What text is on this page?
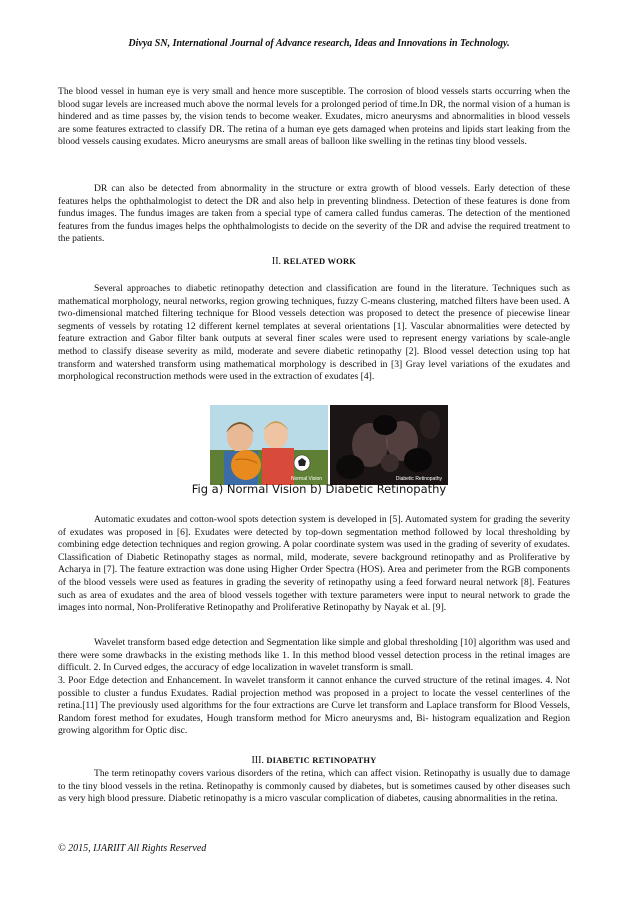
Divya SN, International Journal of Advance research, Ideas and Innovations in Technology.

The blood vessel in human eye is very small and hence more susceptible. The corrosion of blood vessels starts occurring when the blood sugar levels are increased much above the normal levels for a prolonged period of time.In DR, the normal vision of a human is hindered and as time passes by, the vision tends to become weaker. Exudates, micro aneurysms and abnormalities in blood vessels are some features extracted to classify DR. The retina of a human eye gets damaged when proteins and lipids start leaking from the blood vessels causing exudates. Micro aneurysms are small areas of balloon like swelling in the retinas tiny blood vessels.

DR can also be detected from abnormality in the structure or extra growth of blood vessels. Early detection of these features helps the ophthalmologist to detect the DR and also help in preventing blindness. Detection of these features is done from fundus images. The fundus images are taken from a special type of camera called fundus cameras. The detection of the mentioned features from the fundus images helps the ophthalmologists to decide on the severity of the DR and advise the required treatment to the patients.

II. RELATED WORK

Several approaches to diabetic retinopathy detection and classification are found in the literature. Techniques such as mathematical morphology, neural networks, region growing techniques, fuzzy C-means clustering, matched filters have been used. A two-dimensional matched filtering technique for Blood vessels detection was proposed to detect the presence of piecewise linear segments of vessels by rotating 12 different kernel templates at several orientations [1]. Vascular abnormalities were detected by feature extraction and Gabor filter bank outputs at several finer scales were used to represent energy variations by scale-angle method to classify disease severity as mild, moderate and severe diabetic retinopathy [2]. Blood vessel detection using top hat transform and watershed transform using mathematical morphology is described in [3] Gray level variations of the exudates and morphological reconstruction methods were used in the extraction of exudates [4].

Normal Vision	Diabetic Retinopathy
Fig a) Normal Vision b) Diabetic Retinopathy

Automatic exudates and cotton-wool spots detection system is developed in [5]. Automated system for grading the severity of exudates was proposed in [6]. Exudates were detected by top-down segmentation method followed by local thresholding by combining edge detection techniques and region growing. A polar coordinate system was used in the grading of severity of exudates. Classification of Diabetic Retinopathy stages as normal, mild, moderate, severe background retinopathy and as Proliferative by Acharya in [7]. The feature extraction was done using Higher Order Spectra (HOS). Area and perimeter from the RGB components of the blood vessels were used as features in grading the severity of retinopathy using a feed forward neural network [8]. Features such as area of exudates and the area of blood vessels together with texture parameters were input to neural network to grade the images into normal, Non-Proliferative Retinopathy and Proliferative Retinopathy by Nayak et al. [9].

Wavelet transform based edge detection and Segmentation like simple and global thresholding [10] algorithm was used and there were some drawbacks in the existing methods like 1. In this method blood vessel detection process in the retinal images are difficult. 2. In Curved edges, the accuracy of edge localization in wavelet transform is small.

3. Poor Edge detection and Enhancement. In wavelet transform it cannot enhance the curved structure of the retinal images. 4. Not possible to cluster a fundus Exudates. Radial projection method was proposed in a project to locate the vessel centerlines of the retina.[11] The previously used algorithms for the four extractions are Curve let transform and Laplace transform for Blood Vessels, Random forest method for exudates, Hough transform method for Micro aneurysms and, Bi- histogram equalization and Region growing algorithm for Optic disc.

III. DIABETIC RETINOPATHY

The term retinopathy covers various disorders of the retina, which can affect vision. Retinopathy is usually due to damage to the tiny blood vessels in the retina. Retinopathy is commonly caused by diabetes, but is sometimes caused by other diseases such as very high blood pressure. Diabetic retinopathy is a micro vascular complication of diabetes, causing abnormalities in the retina.

© 2015, IJARIIT All Rights Reserved
